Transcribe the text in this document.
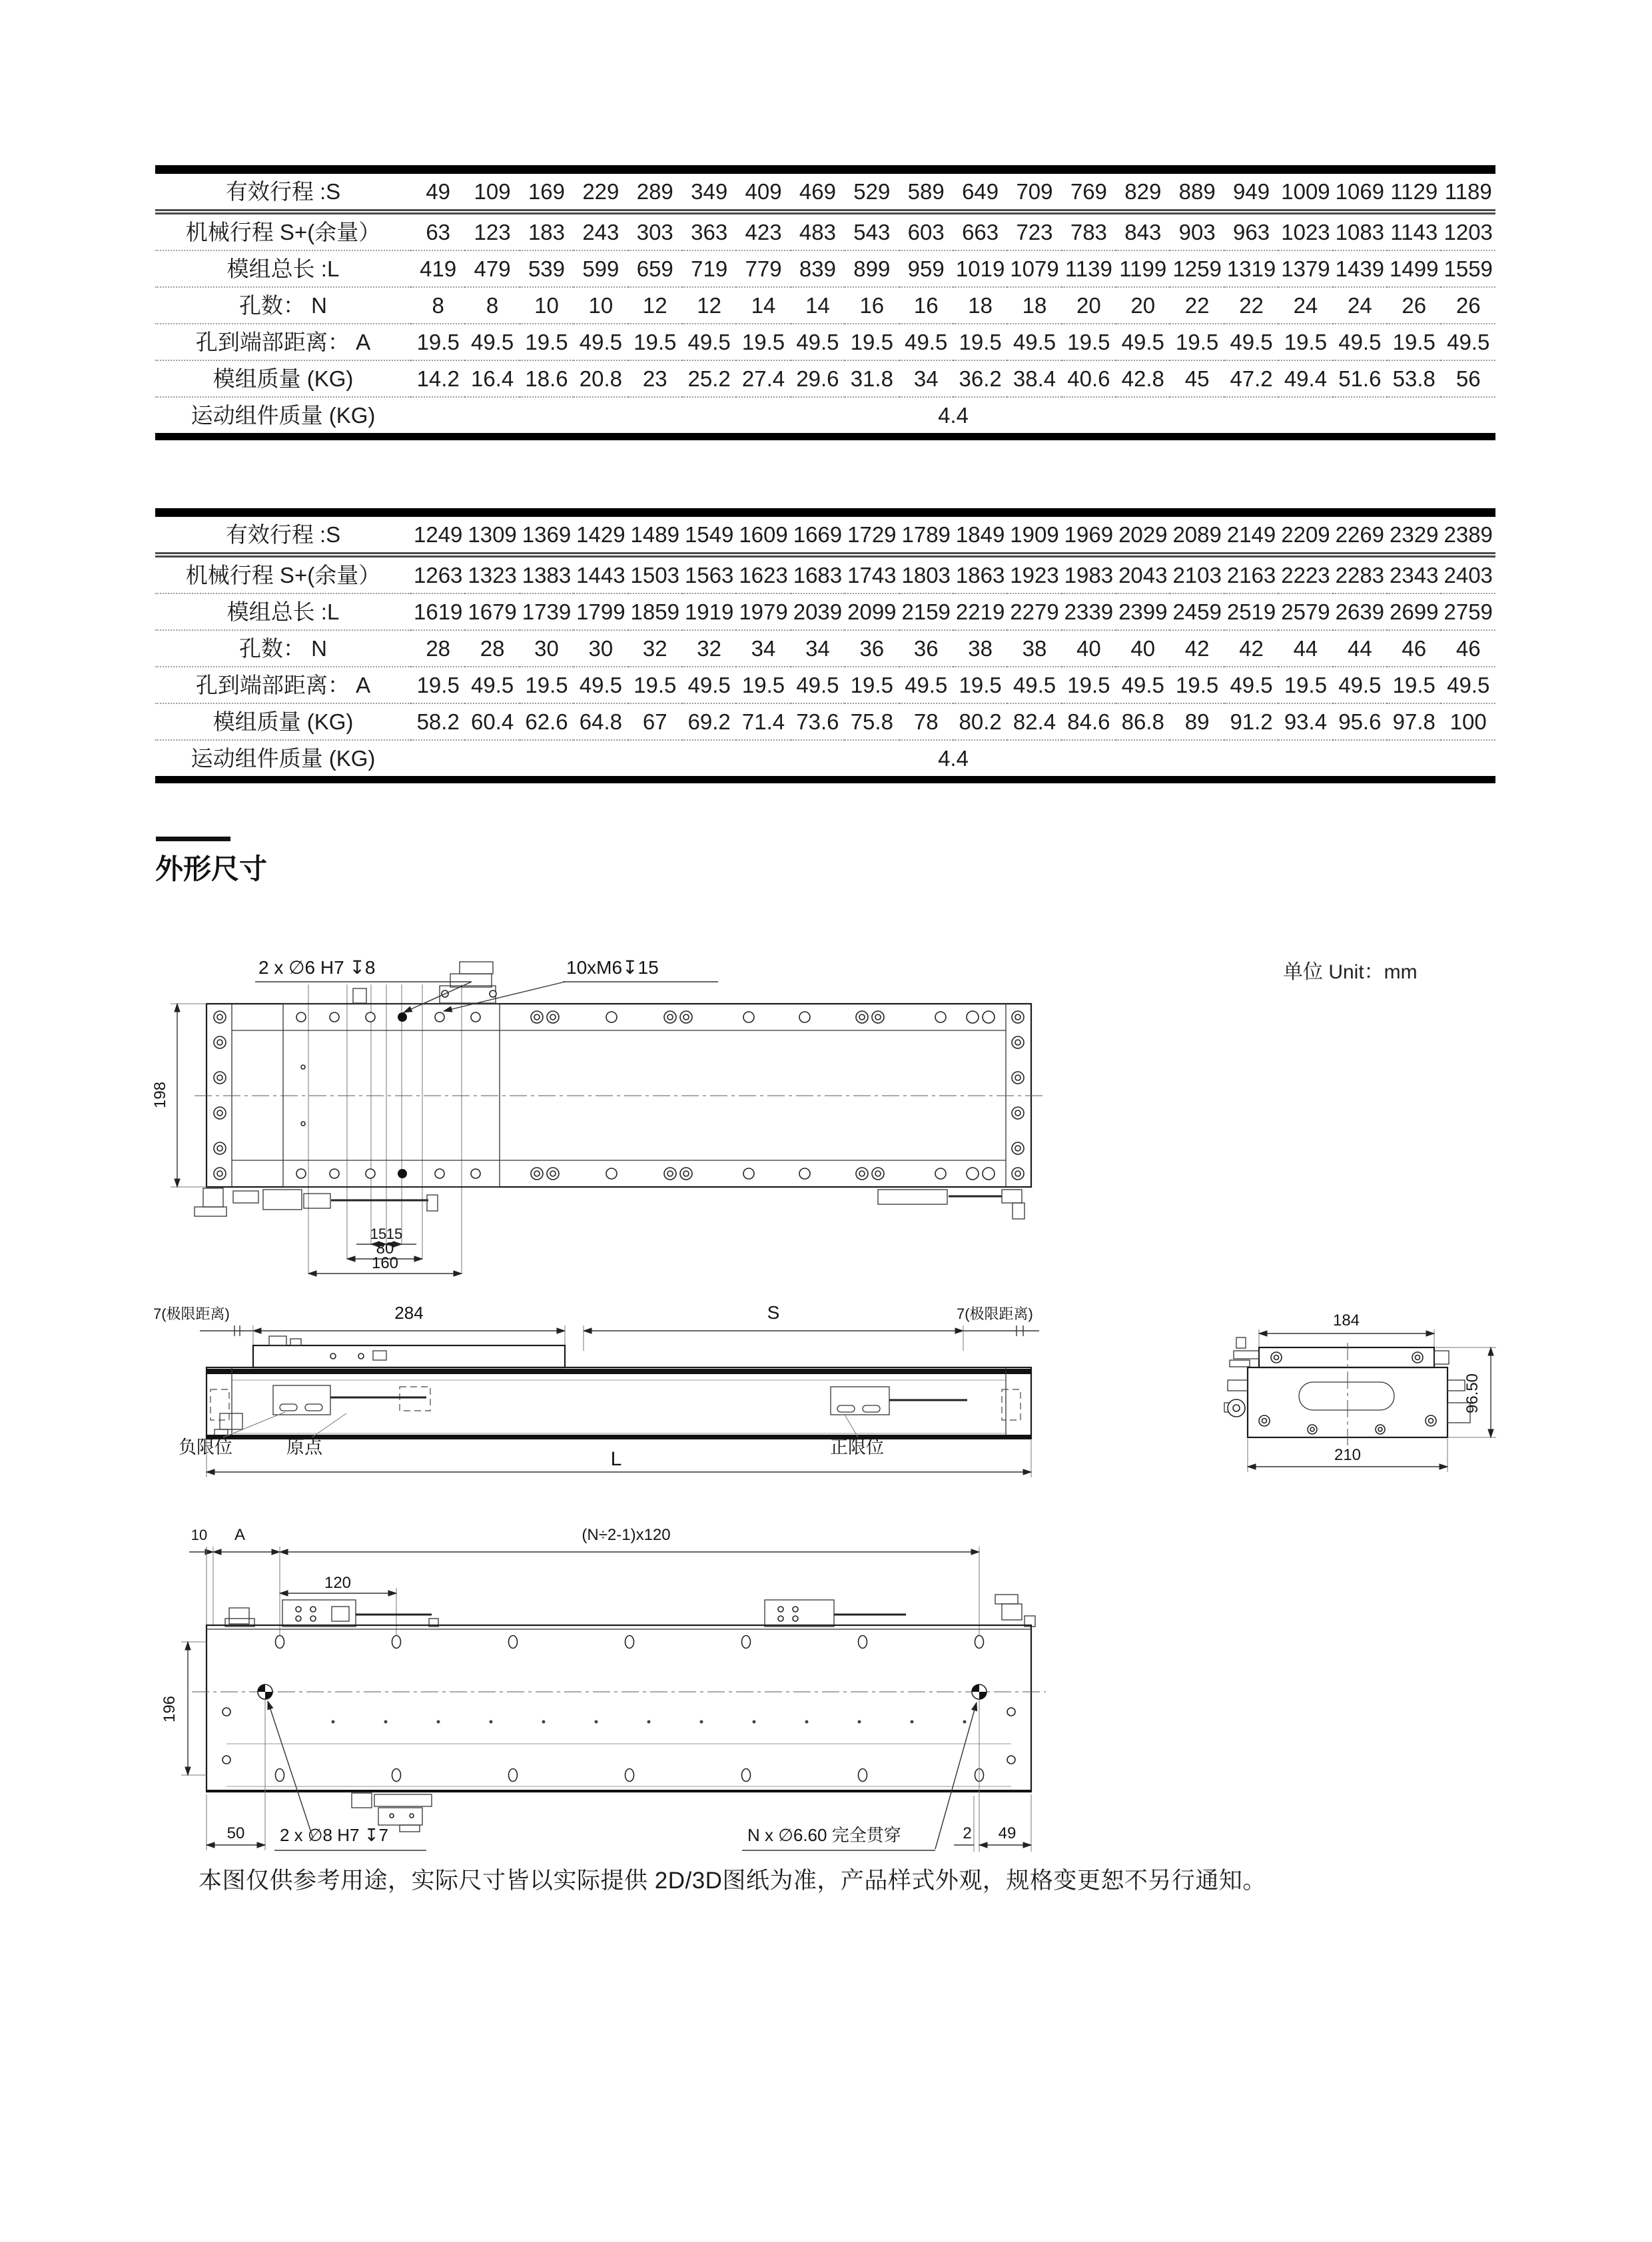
有效行程 :S	49	109	169	229	289	349	409	469	529	589	649	709	769	829	889	949	1009	1069	1129	1189
机械行程 S+(余量）	63	123	183	243	303	363	423	483	543	603	663	723	783	843	903	963	1023	1083	1143	1203
模组总长 :L	419	479	539	599	659	719	779	839	899	959	1019	1079	1139	1199	1259	1319	1379	1439	1499	1559
孔数： N	8	8	10	10	12	12	14	14	16	16	18	18	20	20	22	22	24	24	26	26
孔到端部距离： A	19.5	49.5	19.5	49.5	19.5	49.5	19.5	49.5	19.5	49.5	19.5	49.5	19.5	49.5	19.5	49.5	19.5	49.5	19.5	49.5
模组质量 (KG)	14.2	16.4	18.6	20.8	23	25.2	27.4	29.6	31.8	34	36.2	38.4	40.6	42.8	45	47.2	49.4	51.6	53.8	56
运动组件质量 (KG)	4.4																			
有效行程 :S	1249	1309	1369	1429	1489	1549	1609	1669	1729	1789	1849	1909	1969	2029	2089	2149	2209	2269	2329	2389
机械行程 S+(余量）	1263	1323	1383	1443	1503	1563	1623	1683	1743	1803	1863	1923	1983	2043	2103	2163	2223	2283	2343	2403
模组总长 :L	1619	1679	1739	1799	1859	1919	1979	2039	2099	2159	2219	2279	2339	2399	2459	2519	2579	2639	2699	2759
孔数： N	28	28	30	30	32	32	34	34	36	36	38	38	40	40	42	42	44	44	46	46
孔到端部距离： A	19.5	49.5	19.5	49.5	19.5	49.5	19.5	49.5	19.5	49.5	19.5	49.5	19.5	49.5	19.5	49.5	19.5	49.5	19.5	49.5
模组质量 (KG)	58.2	60.4	62.6	64.8	67	69.2	71.4	73.6	75.8	78	80.2	82.4	84.6	86.8	89	91.2	93.4	95.6	97.8	100
运动组件质量 (KG)	4.4																			
外形尺寸
单位 Unit：mm
2 x ∅6 H7 ↧8	10xM6↧15
198
15 15
80
160
7(极限距离)	284	S	7(极限距离)
负限位	原点	正限位
L
184
96.50
210
10 A	(N÷2-1)x120
120
196
50 2 x ∅8 H7 ↧7	N x ∅6.60 完全贯穿	2 49
本图仅供参考用途，实际尺寸皆以实际提供 2D/3D图纸为准，产品样式外观，规格变更恕不另行通知。
